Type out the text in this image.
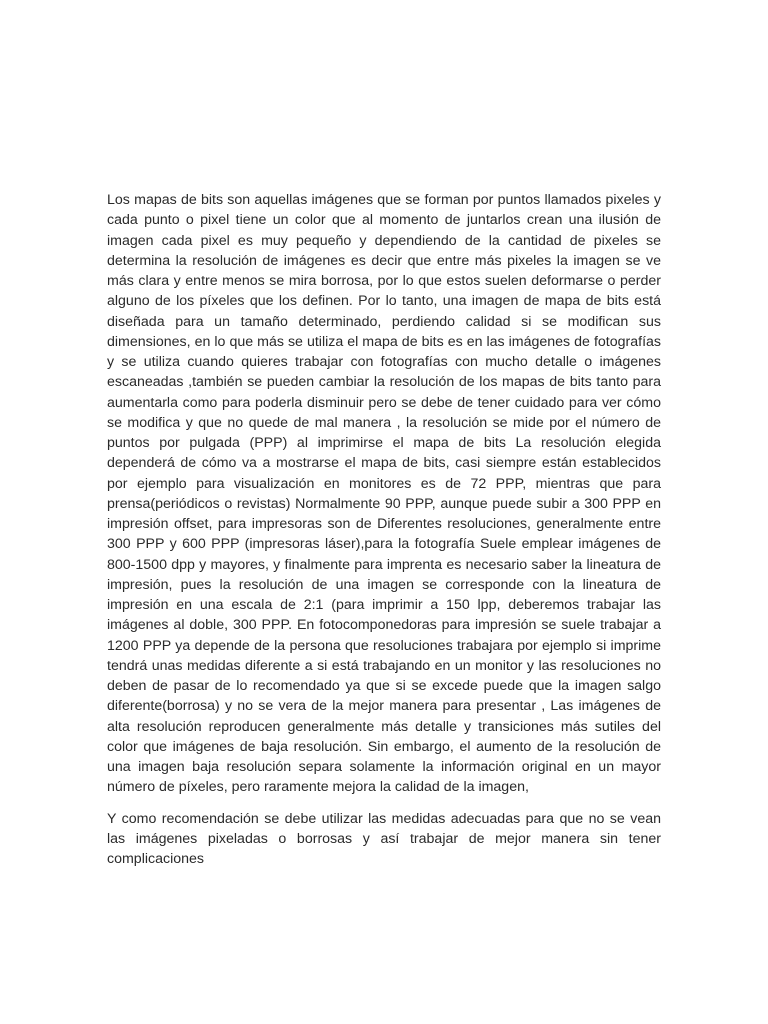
Los mapas de bits son aquellas imágenes que se forman por puntos llamados pixeles y cada punto o pixel tiene un color que al momento de juntarlos crean una ilusión de imagen cada pixel es muy pequeño y dependiendo de la cantidad de pixeles se determina la resolución de imágenes es decir que entre más pixeles la imagen se ve más clara y entre menos se mira borrosa, por lo que estos suelen deformarse o perder alguno de los píxeles que los definen. Por lo tanto, una imagen de mapa de bits está diseñada para un tamaño determinado, perdiendo calidad si se modifican sus dimensiones, en lo que más se utiliza el mapa de bits es en las imágenes de fotografías y se utiliza cuando quieres trabajar con fotografías con mucho detalle o imágenes escaneadas ,también se pueden cambiar la resolución de los mapas de bits tanto para aumentarla como para poderla disminuir pero se debe de tener cuidado para ver cómo se modifica y que no quede de mal manera , la resolución se mide por el número de puntos por pulgada (PPP) al imprimirse el mapa de bits La resolución elegida dependerá de cómo va a mostrarse el mapa de bits, casi siempre están establecidos por ejemplo para visualización en monitores es de 72 PPP, mientras que para prensa(periódicos o revistas) Normalmente 90 PPP, aunque puede subir a 300 PPP en impresión offset, para impresoras son de Diferentes resoluciones, generalmente entre 300 PPP y 600 PPP (impresoras láser),para la fotografía Suele emplear imágenes de 800-1500 dpp y mayores, y finalmente para imprenta es necesario saber la lineatura de impresión, pues la resolución de una imagen se corresponde con la lineatura de impresión en una escala de 2:1 (para imprimir a 150 lpp, deberemos trabajar las imágenes al doble, 300 PPP. En fotocomponedoras para impresión se suele trabajar a 1200 PPP ya depende de la persona que resoluciones trabajara por ejemplo si imprime tendrá unas medidas diferente a si está trabajando en un monitor y las resoluciones no deben de pasar de lo recomendado ya que si se excede puede que la imagen salgo diferente(borrosa) y no se vera de la mejor manera para presentar , Las imágenes de alta resolución reproducen generalmente más detalle y transiciones más sutiles del color que imágenes de baja resolución. Sin embargo, el aumento de la resolución de una imagen baja resolución separa solamente la información original en un mayor número de píxeles, pero raramente mejora la calidad de la imagen,

Y como recomendación se debe utilizar las medidas adecuadas para que no se vean las imágenes pixeladas o borrosas y así trabajar de mejor manera sin tener complicaciones
